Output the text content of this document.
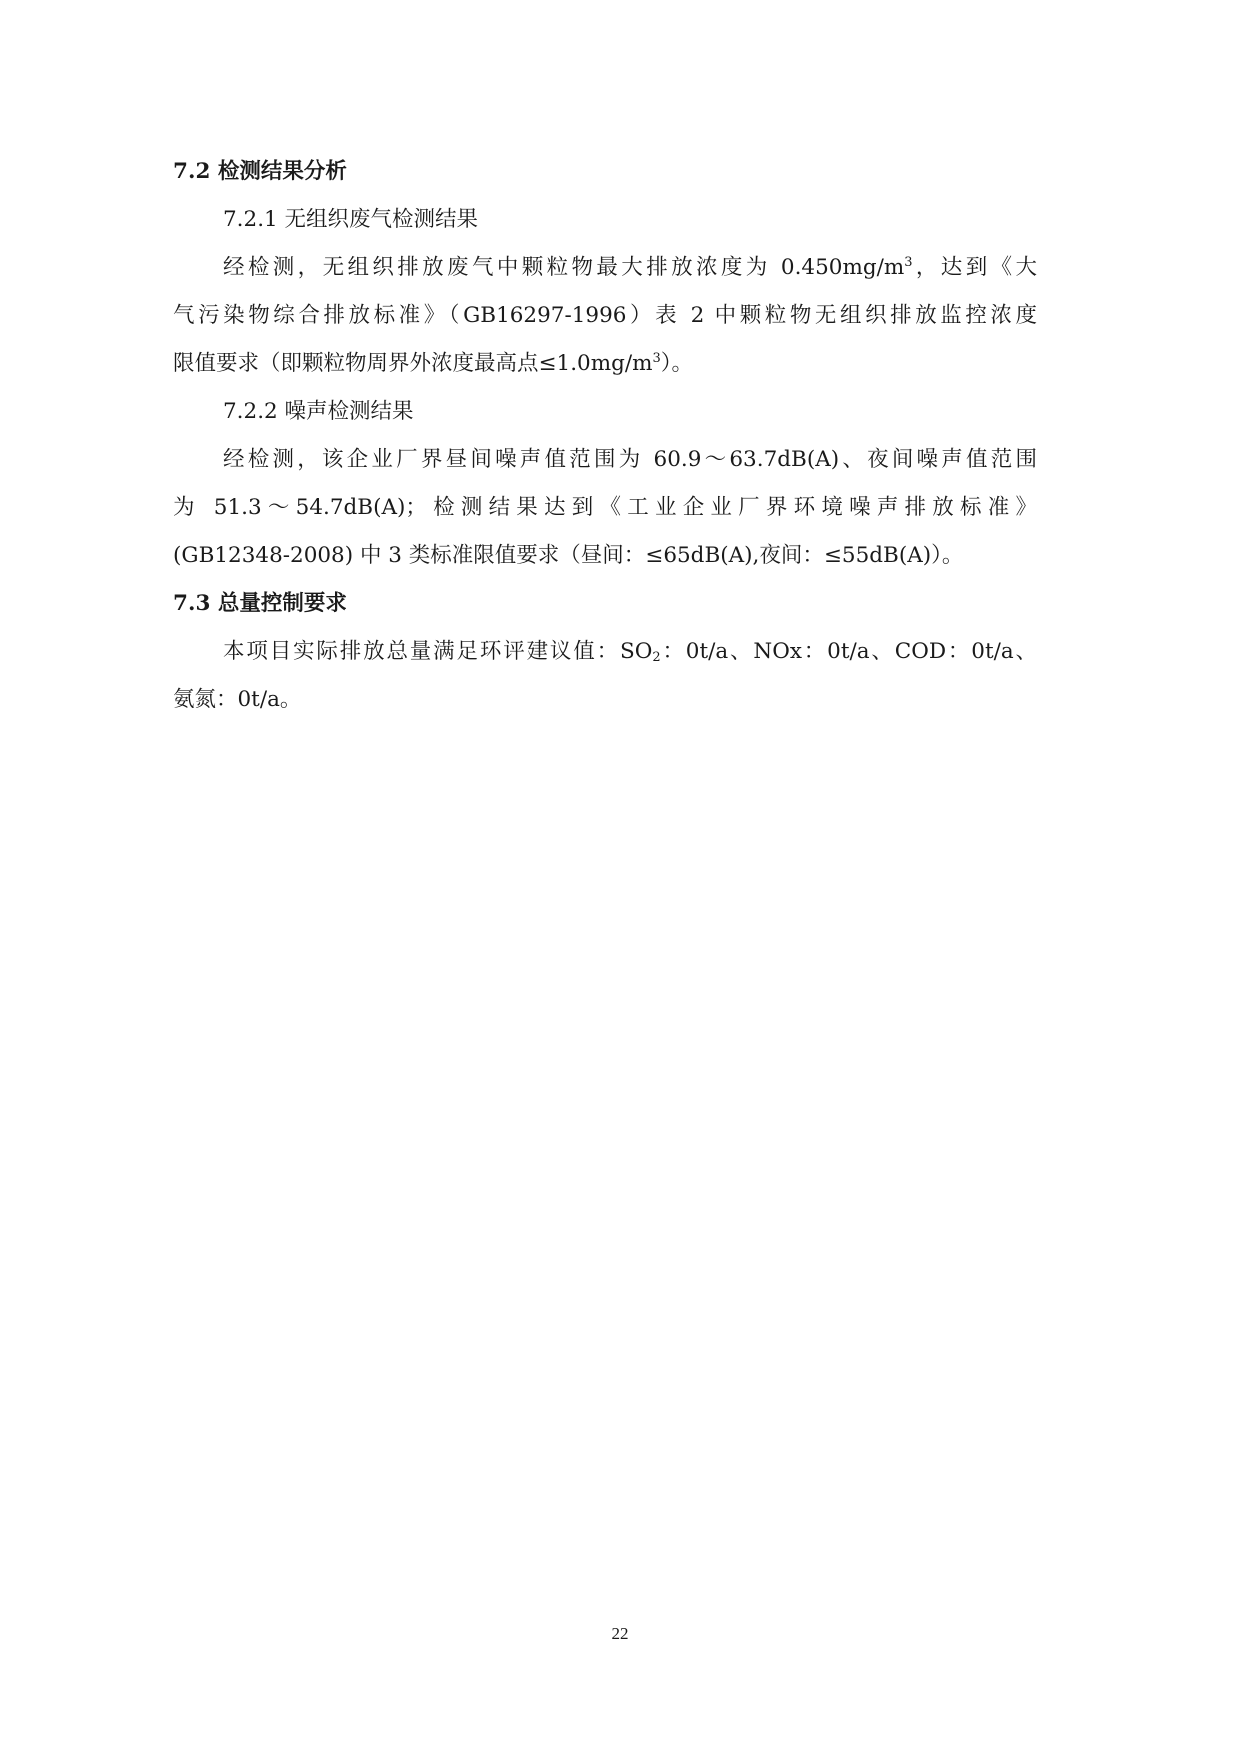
7.2 检测结果分析
7.2.1 无组织废气检测结果
经检测，无组织排放废气中颗粒物最大排放浓度为 $0.450mg/m^3$，达到《大
气污染物综合排放标准》（GB16297-1996）表 2 中颗粒物无组织排放监控浓度
限值要求（即颗粒物周界外浓度最高点$\le 1.0mg/m^3$）。
7.2.2 噪声检测结果
经检测，该企业厂界昼间噪声值范围为 60.9～63.7dB(A)、夜间噪声值范围
为 51.3～54.7dB(A)；检测结果达到《工业企业厂界环境噪声排放标准》
(GB12348-2008) 中 3 类标准限值要求（昼间：≤65dB(A),夜间：≤55dB(A)）。
7.3 总量控制要求
本项目实际排放总量满足环评建议值：$SO_2$：0t/a、NOx：0t/a、COD：0t/a、
氨氮：0t/a。
22
